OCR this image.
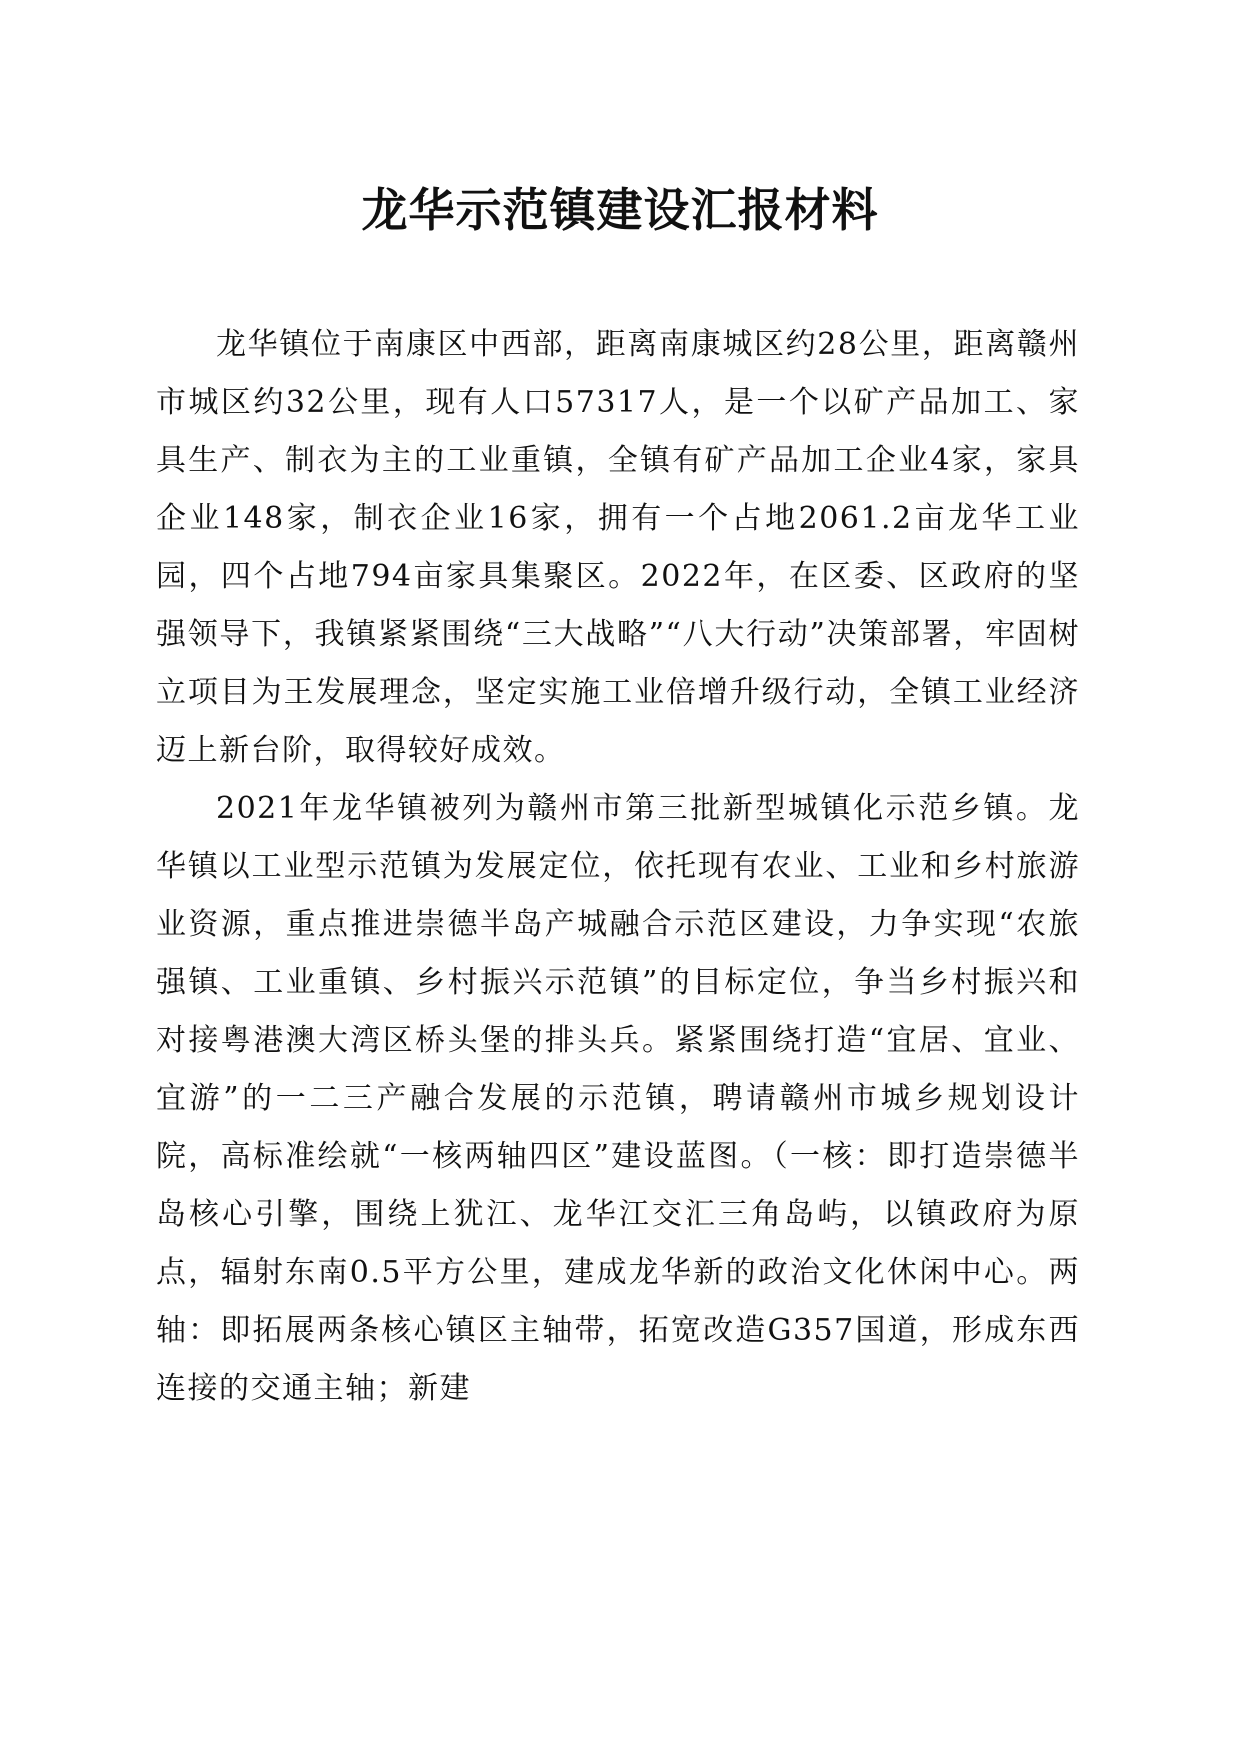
龙华示范镇建设汇报材料

龙华镇位于南康区中西部，距离南康城区约28公里，距离赣州市城区约32公里，现有人口57317人，是一个以矿产品加工、家具生产、制衣为主的工业重镇，全镇有矿产品加工企业4家，家具企业148家，制衣企业16家，拥有一个占地2061.2亩龙华工业园，四个占地794亩家具集聚区。2022年，在区委、区政府的坚强领导下，我镇紧紧围绕“三大战略”“八大行动”决策部署，牢固树立项目为王发展理念，坚定实施工业倍增升级行动，全镇工业经济迈上新台阶，取得较好成效。

2021年龙华镇被列为赣州市第三批新型城镇化示范乡镇。龙华镇以工业型示范镇为发展定位，依托现有农业、工业和乡村旅游业资源，重点推进崇德半岛产城融合示范区建设，力争实现“农旅强镇、工业重镇、乡村振兴示范镇”的目标定位，争当乡村振兴和对接粤港澳大湾区桥头堡的排头兵。紧紧围绕打造“宜居、宜业、宜游”的一二三产融合发展的示范镇，聘请赣州市城乡规划设计院，高标准绘就“一核两轴四区”建设蓝图。（一核：即打造崇德半岛核心引擎，围绕上犹江、龙华江交汇三角岛屿，以镇政府为原点，辐射东南0.5平方公里，建成龙华新的政治文化休闲中心。两轴：即拓展两条核心镇区主轴带，拓宽改造G357国道，形成东西连接的交通主轴；新建
